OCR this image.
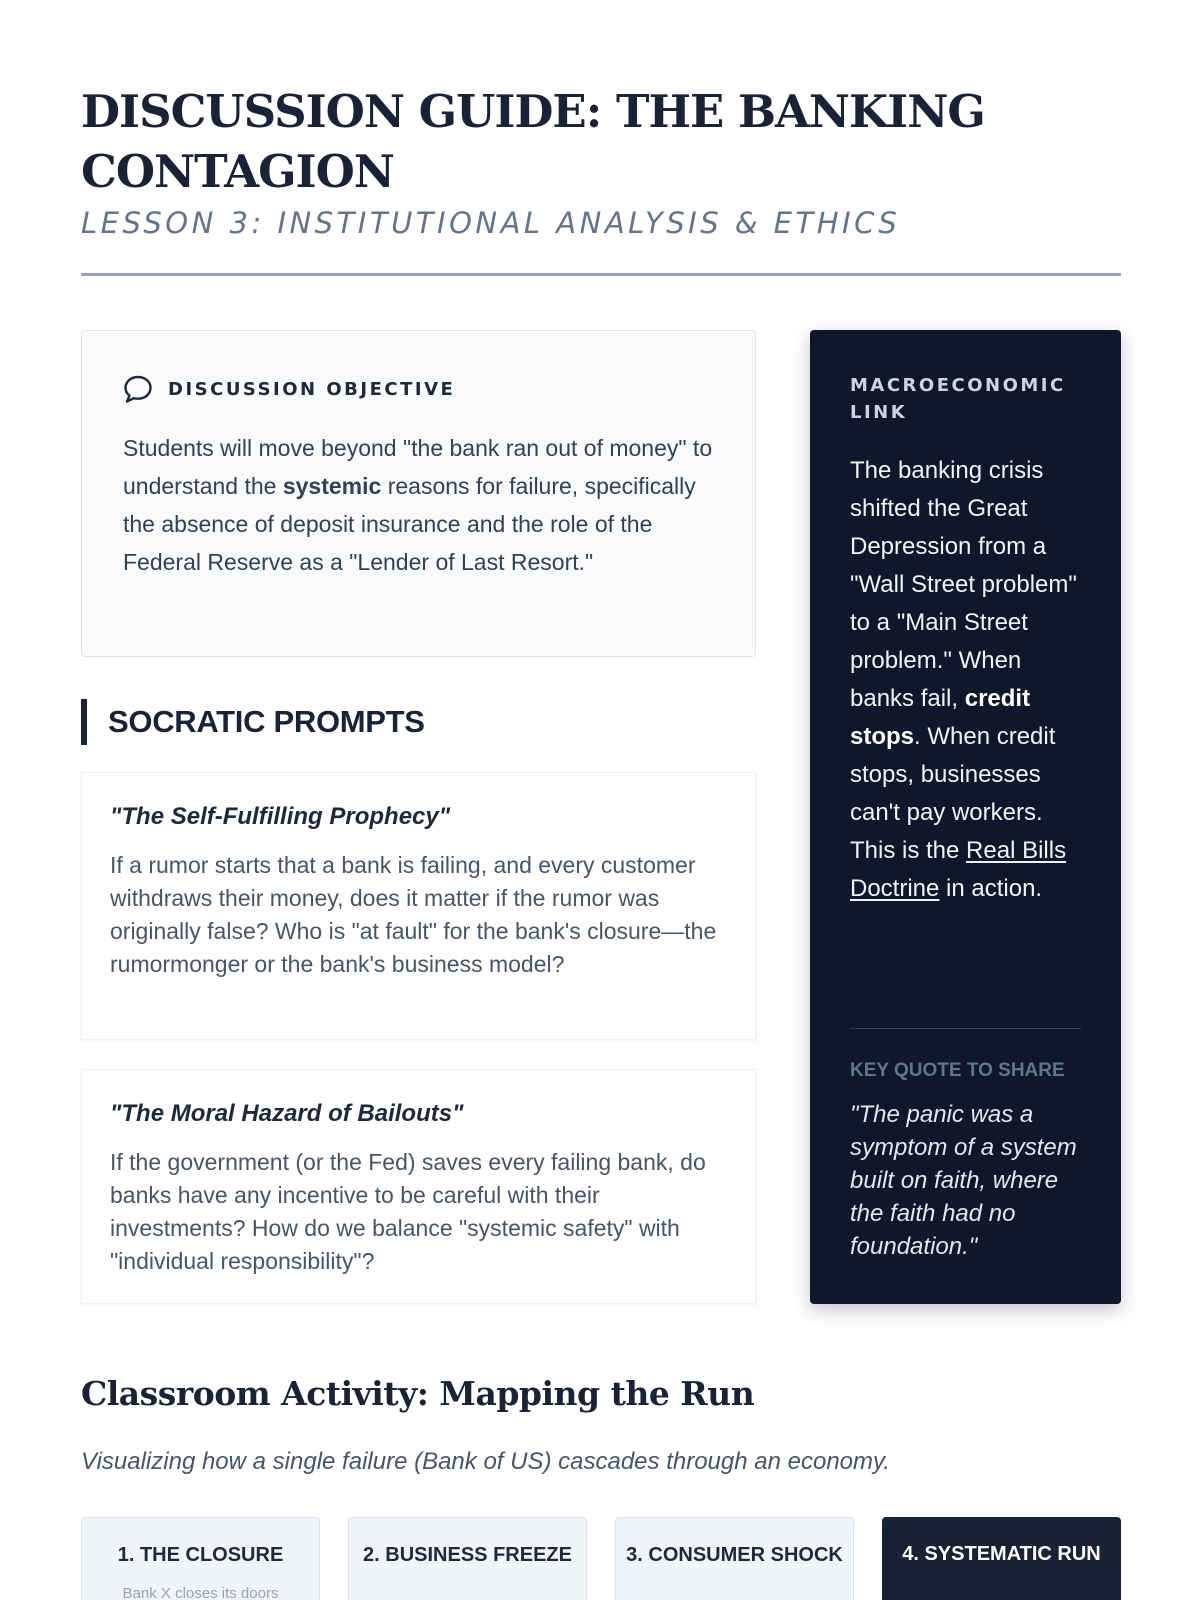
DISCUSSION GUIDE: THE BANKING CONTAGION
LESSON 3: INSTITUTIONAL ANALYSIS & ETHICS
DISCUSSION OBJECTIVE

Students will move beyond "the bank ran out of money" to understand the systemic reasons for failure, specifically the absence of deposit insurance and the role of the Federal Reserve as a "Lender of Last Resort."

SOCRATIC PROMPTS
"The Self-Fulfilling Prophecy"

If a rumor starts that a bank is failing, and every customer withdraws their money, does it matter if the rumor was originally false? Who is "at fault" for the bank's closure—the rumormonger or the bank's business model?

"The Moral Hazard of Bailouts"

If the government (or the Fed) saves every failing bank, do banks have any incentive to be careful with their investments? How do we balance "systemic safety" with "individual responsibility"?

MACROECONOMIC LINK

The banking crisis shifted the Great Depression from a "Wall Street problem" to a "Main Street problem." When banks fail, credit stops. When credit stops, businesses can't pay workers. This is the Real Bills Doctrine in action.

KEY QUOTE TO SHARE
"The panic was a symptom of a system built on faith, where the faith had no foundation."
Classroom Activity: Mapping the Run

Visualizing how a single failure (Bank of US) cascades through an economy.

1. THE CLOSURE
Bank X closes its doors
2. BUSINESS FREEZE	3. CONSUMER SHOCK	4. SYSTEMATIC RUN
